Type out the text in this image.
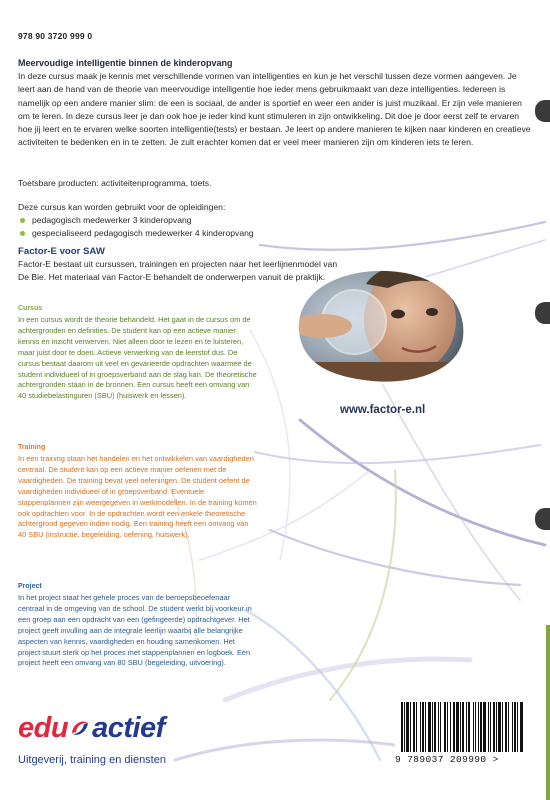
978 90 3720 999 0
Meervoudige intelligentie binnen de kinderopvang

In deze cursus maak je kennis met verschillende vormen van intelligenties en kun je het verschil tussen deze vormen aangeven. Je leert aan de hand van de theorie van meervoudige intelligentie hoe ieder mens gebruikmaakt van deze intelligenties. Iedereen is namelijk op een andere manier slim: de een is sociaal, de ander is sportief en weer een ander is juist muzikaal. Er zijn vele manieren om te leren. In deze cursus leer je dan ook hoe je ieder kind kunt stimuleren in zijn ontwikkeling. Dit doe je door eerst zelf te ervaren hoe jij leert en te ervaren welke soorten intelligentie(tests) er bestaan. Je leert op andere manieren te kijken naar kinderen en creatieve activiteiten te bedenken en in te zetten. Je zult erachter komen dat er veel meer manieren zijn om kinderen iets te leren.

Toetsbare producten: activiteitenprogramma, toets.

Deze cursus kan worden gebruikt voor de opleidingen:

pedagogisch medewerker 3 kinderopvang
gespecialiseerd pedagogisch medewerker 4 kinderopvang
Factor-E voor SAW

Factor-E bestaat uit cursussen, trainingen en projecten naar het leerlijnenmodel van De Bie. Het materiaal van Factor-E behandelt de onderwerpen vanuit de praktijk.

www.factor-e.nl
Cursus

In een cursus wordt de theorie behandeld. Het gaat in de cursus om de achtergronden en definities. De student kan op een actieve manier kennis en inzicht verwerven. Niet alleen door te lezen en te luisteren, maar juist door te doen. Actieve verwerking van de leerstof dus. De cursus bestaat daarom uit veel en gevarieerde opdrachten waarmee de student individueel of in groepsverband aan de slag kan. De theoretische achtergronden staan in de bronnen. Een cursus heeft een omvang van 40 studiebelastinguren (SBU) (huiswerk en lessen).

Training

In een training staan het handelen en het ontwikkelen van vaardigheden centraal. De student kan op een actieve manier oefenen met de vaardigheden. De training bevat veel oefeningen. De student oefent de vaardigheden individueel of in groepsverband. Eventuele stappenplannen zijn weergegeven in werkmodellen. In de training komen ook opdrachten voor. In de opdrachten wordt een enkele theoretische achtergrond gegeven indien nodig. Een training heeft een omvang van 40 SBU (instructie, begeleiding, oefening, huiswerk).

Project

In het project staat het gehele proces van de beroepsbeoefenaar centraal in de omgeving van de school. De student werkt bij voorkeur in een groep aan een opdracht van een (gefingeerde) opdrachtgever. Het project geeft invulling aan de integrale leerlijn waarbij alle belangrijke aspecten van kennis, vaardigheden en houding samenkomen. Het project stuurt sterk op het proces met stappenplannen en logboek. Een project heeft een omvang van 80 SBU (begeleiding, uitvoering).

edu actief
Uitgeverij, training en diensten	9 789037 209990 >
